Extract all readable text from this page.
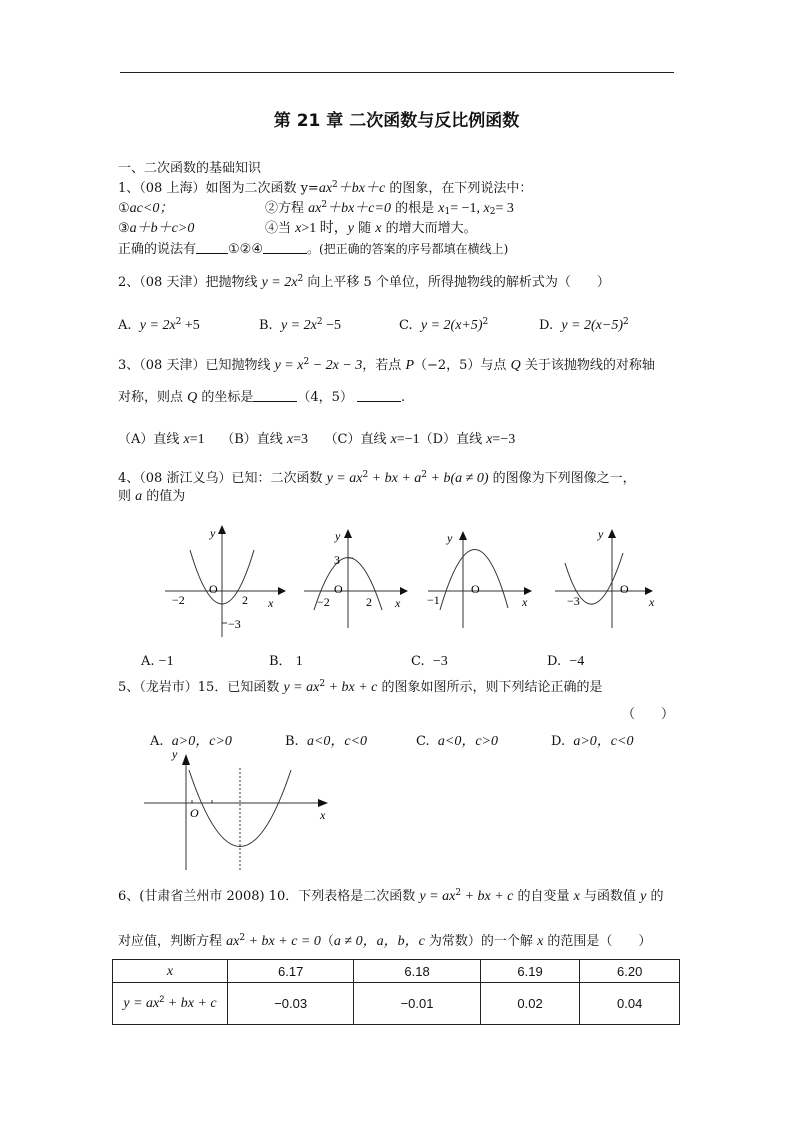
第 21 章 二次函数与反比例函数
一、二次函数的基础知识
1、（08 上海）如图为二次函数 $y=ax^2+bx+c$ 的图象，在下列说法中：
①ac<0；	②方程 $ax^2+bx+c=0$ 的根是 $x_1= -1$, $x_2= 3$
③a＋b＋c>0	④当 x>1 时，y 随 x 的增大而增大。
正确的说法有 ①②④	。(把正确的答案的序号都填在横线上)
2、（08 天津）把抛物线 $y = 2x^2$ 向上平移 5 个单位，所得抛物线的解析式为（　　）
A. $y = 2x^2 +5$	B. $y = 2x^2 -5$	C. $y = 2(x+5)^2$	D. $y = 2(x-5)^2$
3、（08 天津）已知抛物线 $y = x^2 - 2x - 3$，若点 P（−2，5）与点 Q 关于该抛物线的对称轴
对称，则点 Q 的坐标是	（4，5）	.
（A）直线 x=1 （B）直线 x=3 （C）直线 x=−1（D）直线 x=−3
4、（08 浙江义乌）已知：二次函数 $y = ax^2$ + bx + $a^2 + b(a \ne 0)$ 的图像为下列图像之一，
则 a 的值为
y
x
O
−2	2
−3
y
x
O
−2	2
3
y
x
O
−1
y
x
O
−3
A. −1	B． 1	C. −3	D. −4
5、（龙岩市）15．已知函数 $y = ax^2$ + bx + c 的图象如图所示，则下列结论正确的是
（　　）
A. a>0，c>0	B. a<0，c<0	C. a<0，c>0	D. a>0，c<0
y
x
O
6、(甘肃省兰州市 2008) 10．下列表格是二次函数 $y = ax^2$ + bx + c 的自变量 x 与函数值 y 的
对应值，判断方程 $ax^2$ + bx + c = 0（a ≠ 0，a，b，c 为常数）的一个解 x 的范围是（　　）
x	6.17	6.18	6.19	6.20
$y = ax^2$ + bx + c	−0.03	−0.01	0.02	0.04
